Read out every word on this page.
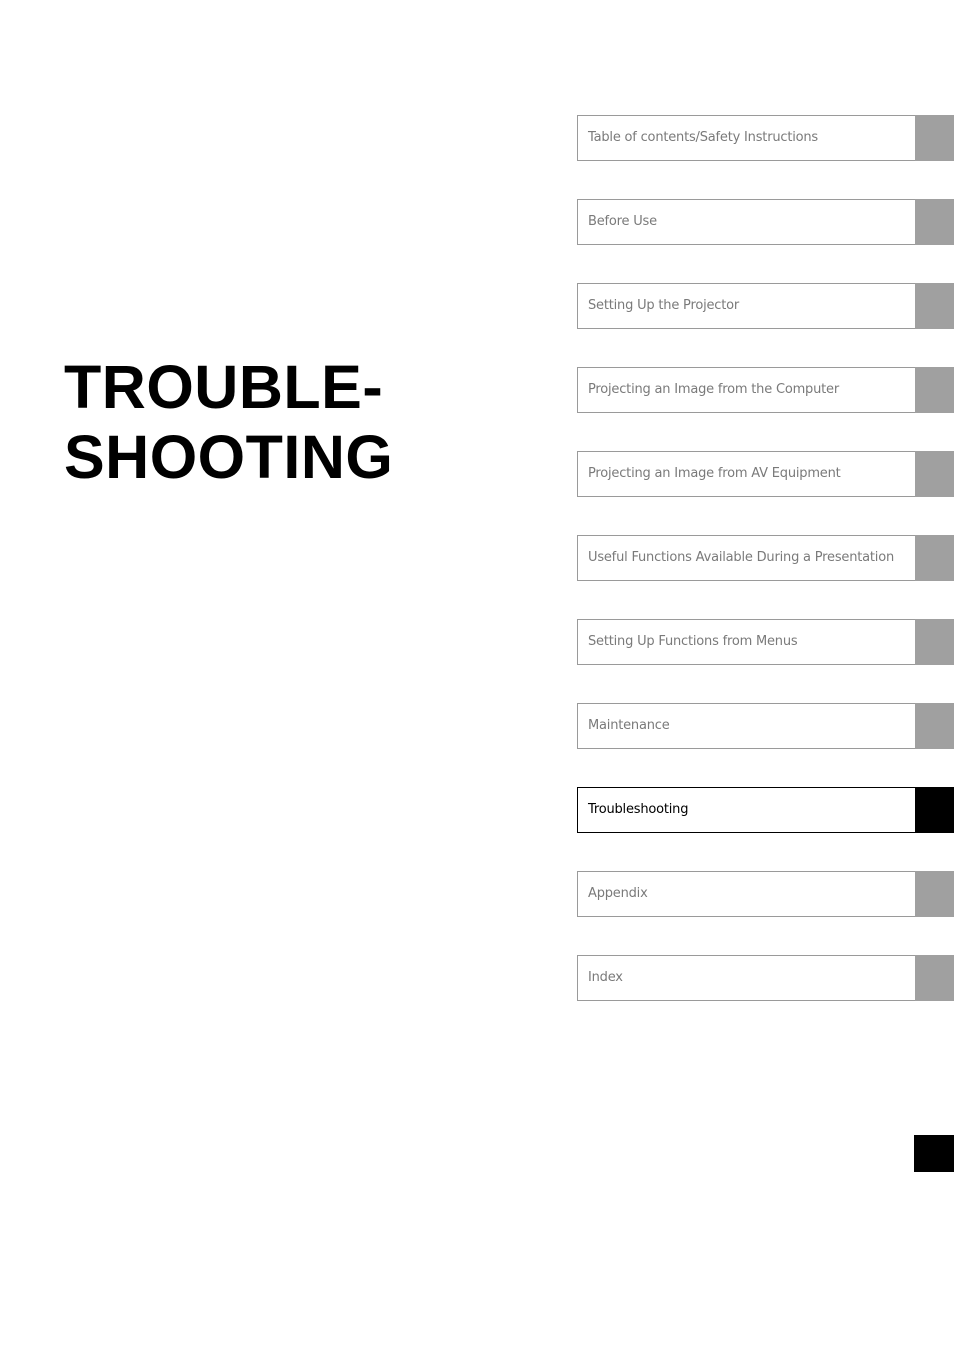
TROUBLE-
SHOOTING
Table of contents/Safety Instructions
Before Use
Setting Up the Projector
Projecting an Image from the Computer
Projecting an Image from AV Equipment
Useful Functions Available During a Presentation
Setting Up Functions from Menus
Maintenance
Troubleshooting
Appendix
Index
